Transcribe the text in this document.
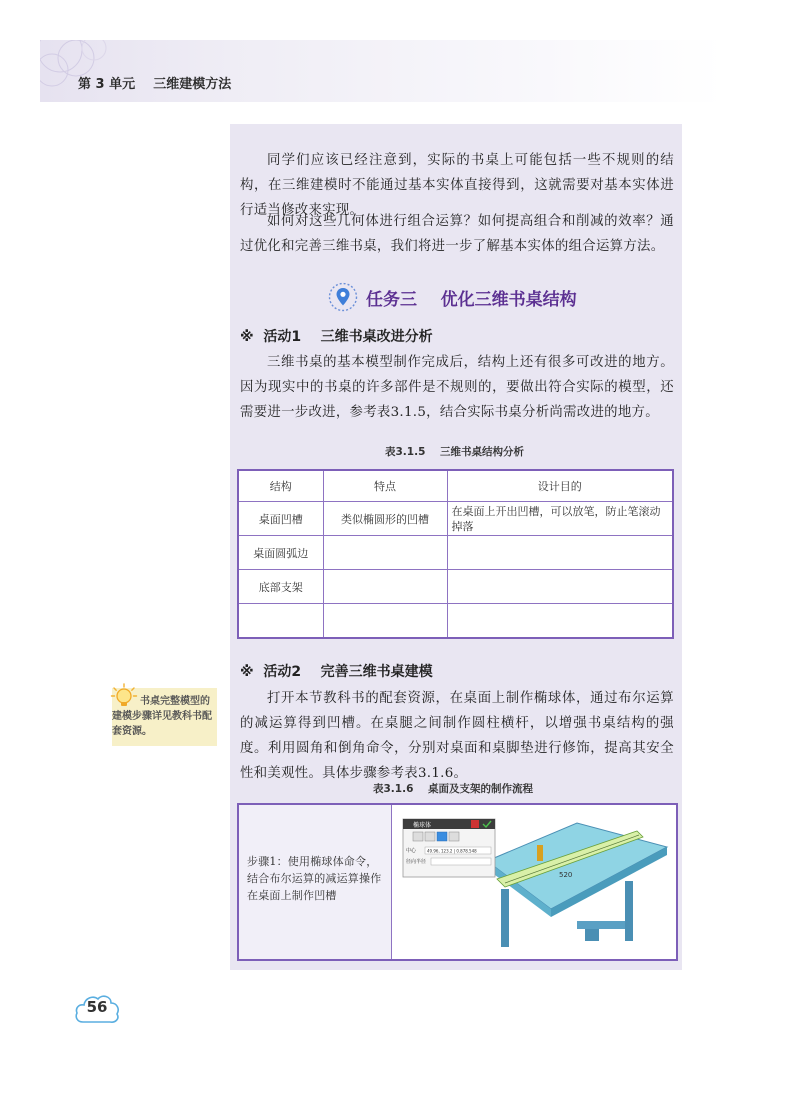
第 3 单元    三维建模方法

同学们应该已经注意到，实际的书桌上可能包括一些不规则的结构，在三维建模时不能通过基本实体直接得到，这就需要对基本实体进行适当修改来实现。

如何对这些几何体进行组合运算？如何提高组合和削减的效率？通过优化和完善三维书桌，我们将进一步了解基本实体的组合运算方法。

任务三    优化三维书桌结构
※  活动1    三维书桌改进分析

三维书桌的基本模型制作完成后，结构上还有很多可改进的地方。因为现实中的书桌的许多部件是不规则的，要做出符合实际的模型，还需要进一步改进，参考表3.1.5，结合实际书桌分析尚需改进的地方。

表3.1.5    三维书桌结构分析
结构	特点	设计目的
桌面凹槽	类似椭圆形的凹槽	在桌面上开出凹槽，可以放笔，防止笔滚动掉落
桌面圆弧边		
底部支架		

※  活动2    完善三维书桌建模

打开本节教科书的配套资源，在桌面上制作椭球体，通过布尔运算的减运算得到凹槽。在桌腿之间制作圆柱横杆，以增强书桌结构的强度。利用圆角和倒角命令，分别对桌面和桌脚垫进行修饰，提高其安全性和美观性。具体步骤参考表3.1.6。

书桌完整模型的建模步骤详见教科书配套资源。
表3.1.6    桌面及支架的制作流程

步骤1：使用椭球体命令，结合布尔运算的减运算操作在桌面上制作凹槽

520
椭球体
中心	49.96, 123.2 | 0.878.548
径向半径
56
